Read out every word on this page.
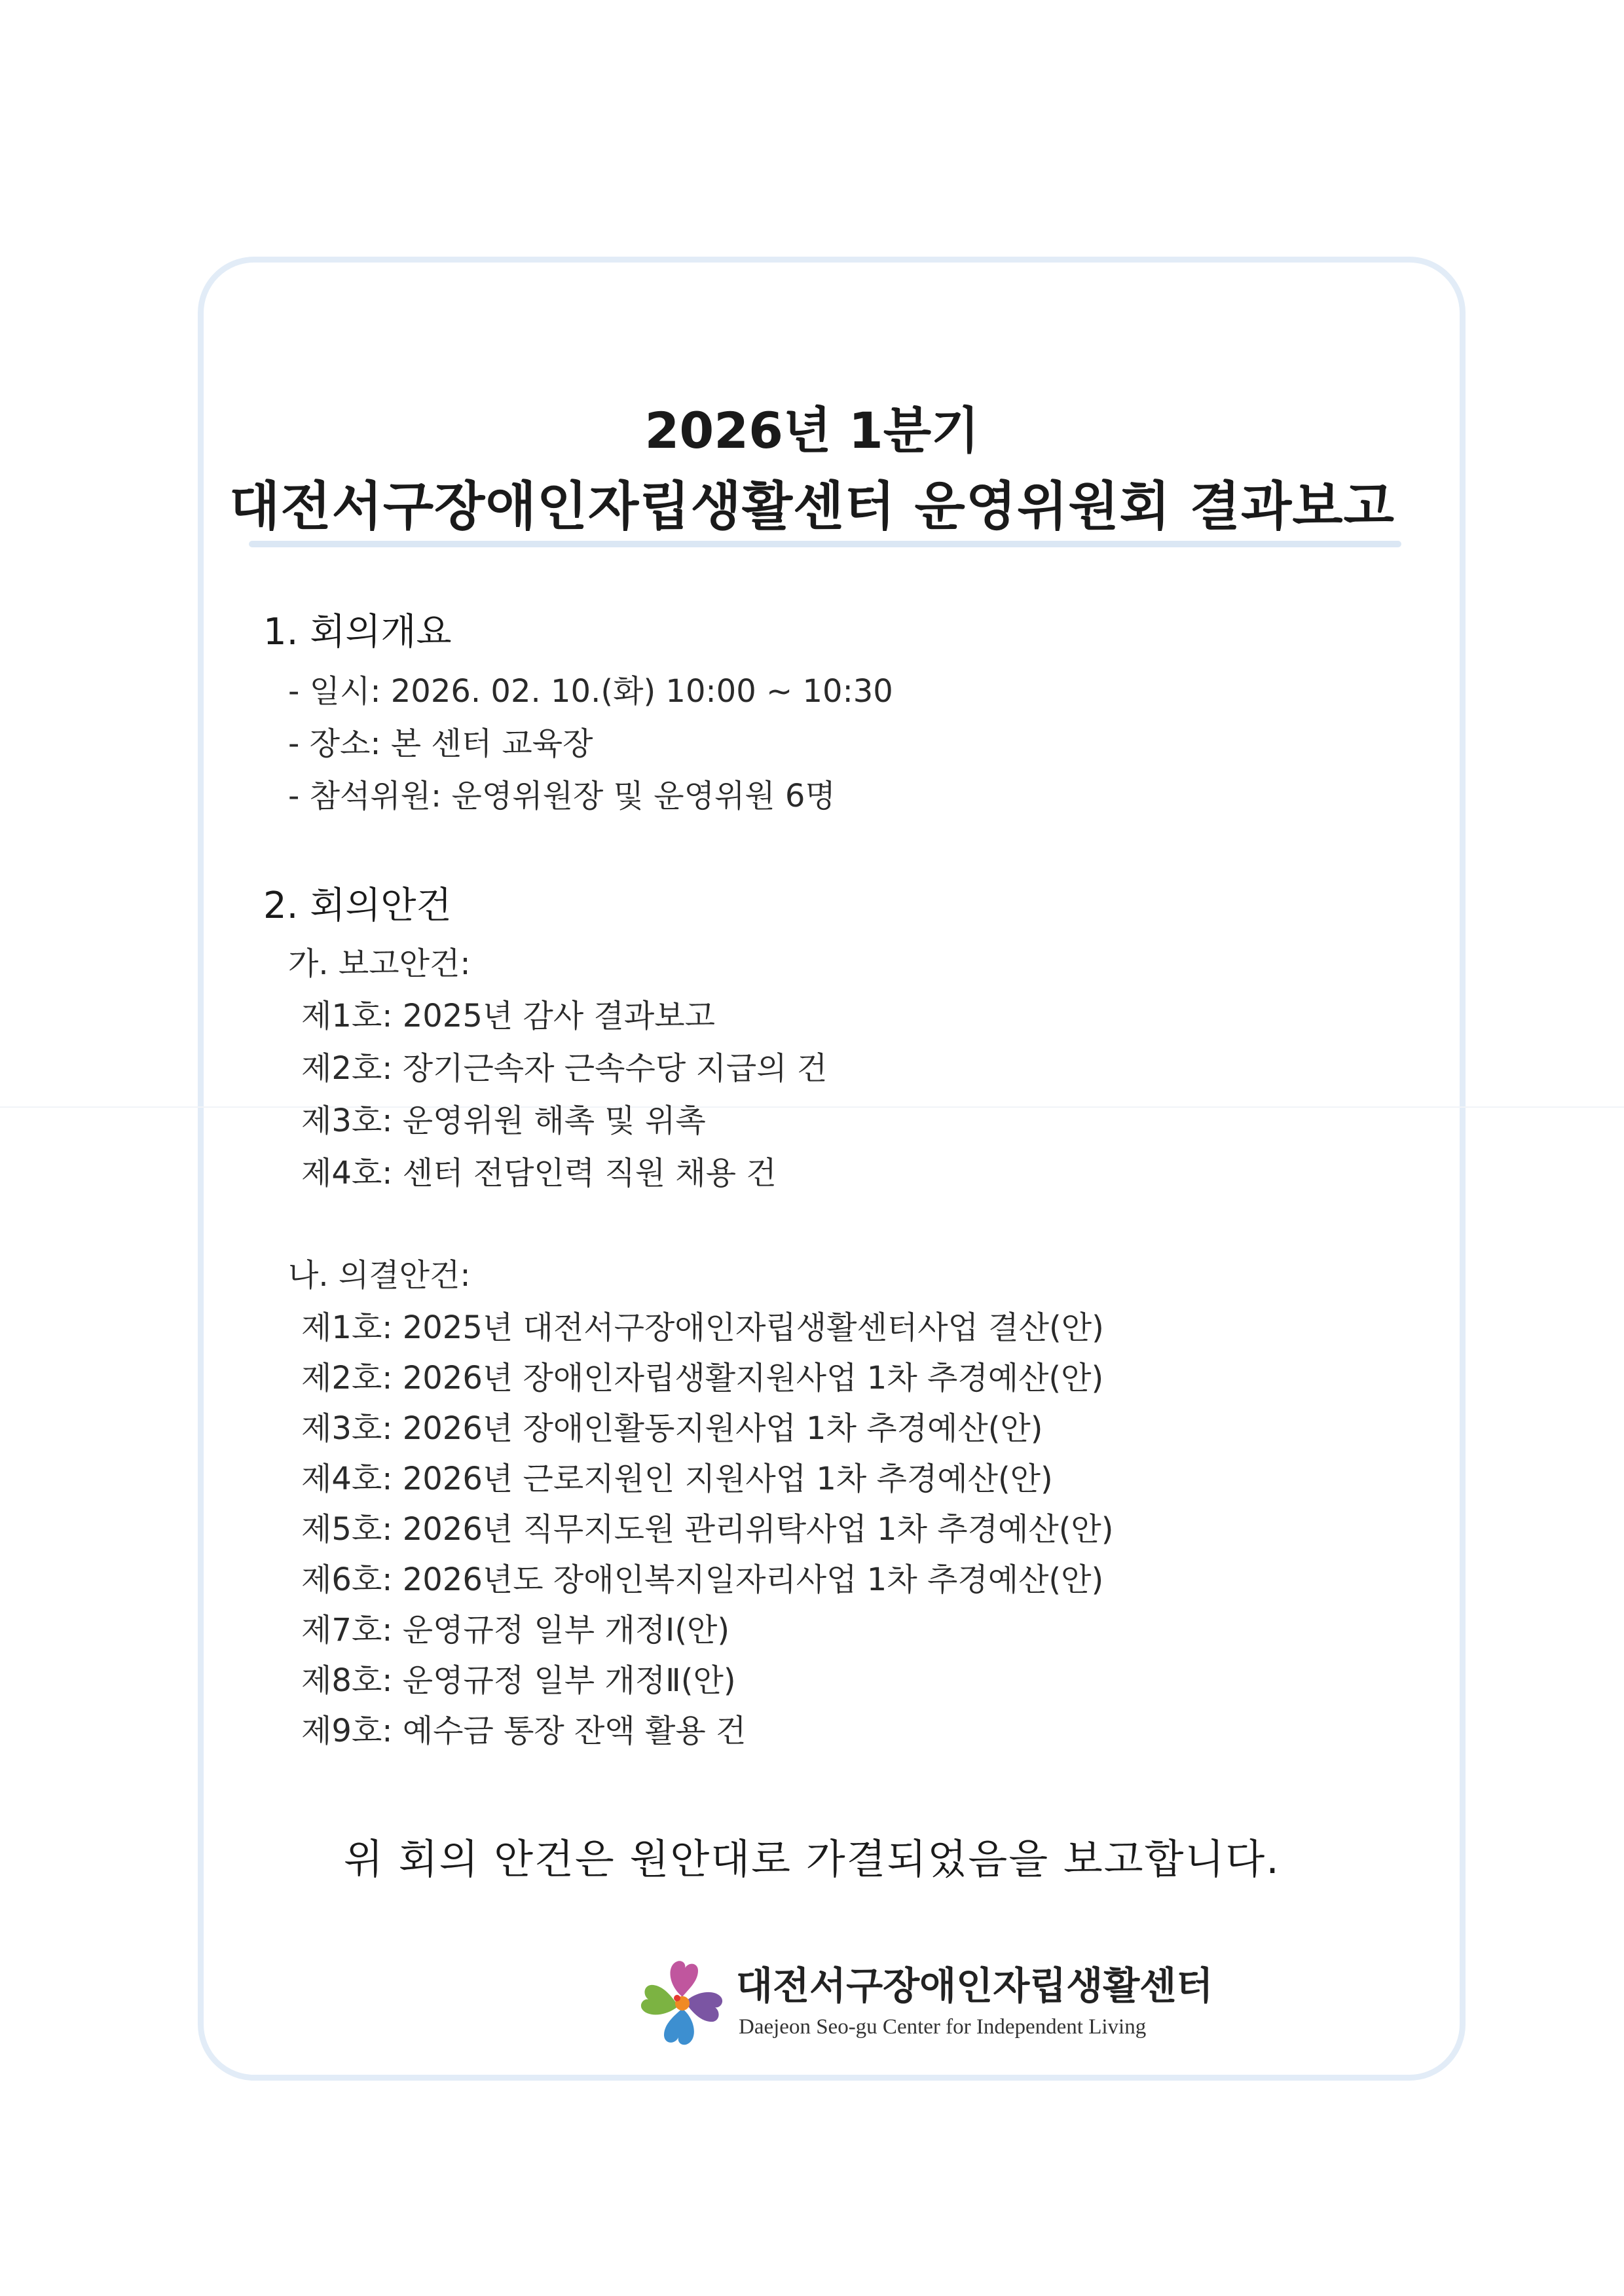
2026년 1분기
대전서구장애인자립생활센터 운영위원회 결과보고
1. 회의개요
- 일시: 2026. 02. 10.(화) 10:00 ~ 10:30
- 장소: 본 센터 교육장
- 참석위원: 운영위원장 및 운영위원 6명
2. 회의안건
가. 보고안건:
제1호: 2025년 감사 결과보고
제2호: 장기근속자 근속수당 지급의 건
제3호: 운영위원 해촉 및 위촉
제4호: 센터 전담인력 직원 채용 건
나. 의결안건:
제1호: 2025년 대전서구장애인자립생활센터사업 결산(안)
제2호: 2026년 장애인자립생활지원사업 1차 추경예산(안)
제3호: 2026년 장애인활동지원사업 1차 추경예산(안)
제4호: 2026년 근로지원인 지원사업 1차 추경예산(안)
제5호: 2026년 직무지도원 관리위탁사업 1차 추경예산(안)
제6호: 2026년도 장애인복지일자리사업 1차 추경예산(안)
제7호: 운영규정 일부 개정Ⅰ(안)
제8호: 운영규정 일부 개정Ⅱ(안)
제9호: 예수금 통장 잔액 활용 건
위 회의 안건은 원안대로 가결되었음을 보고합니다.
대전서구장애인자립생활센터
Daejeon Seo-gu Center for Independent Living
